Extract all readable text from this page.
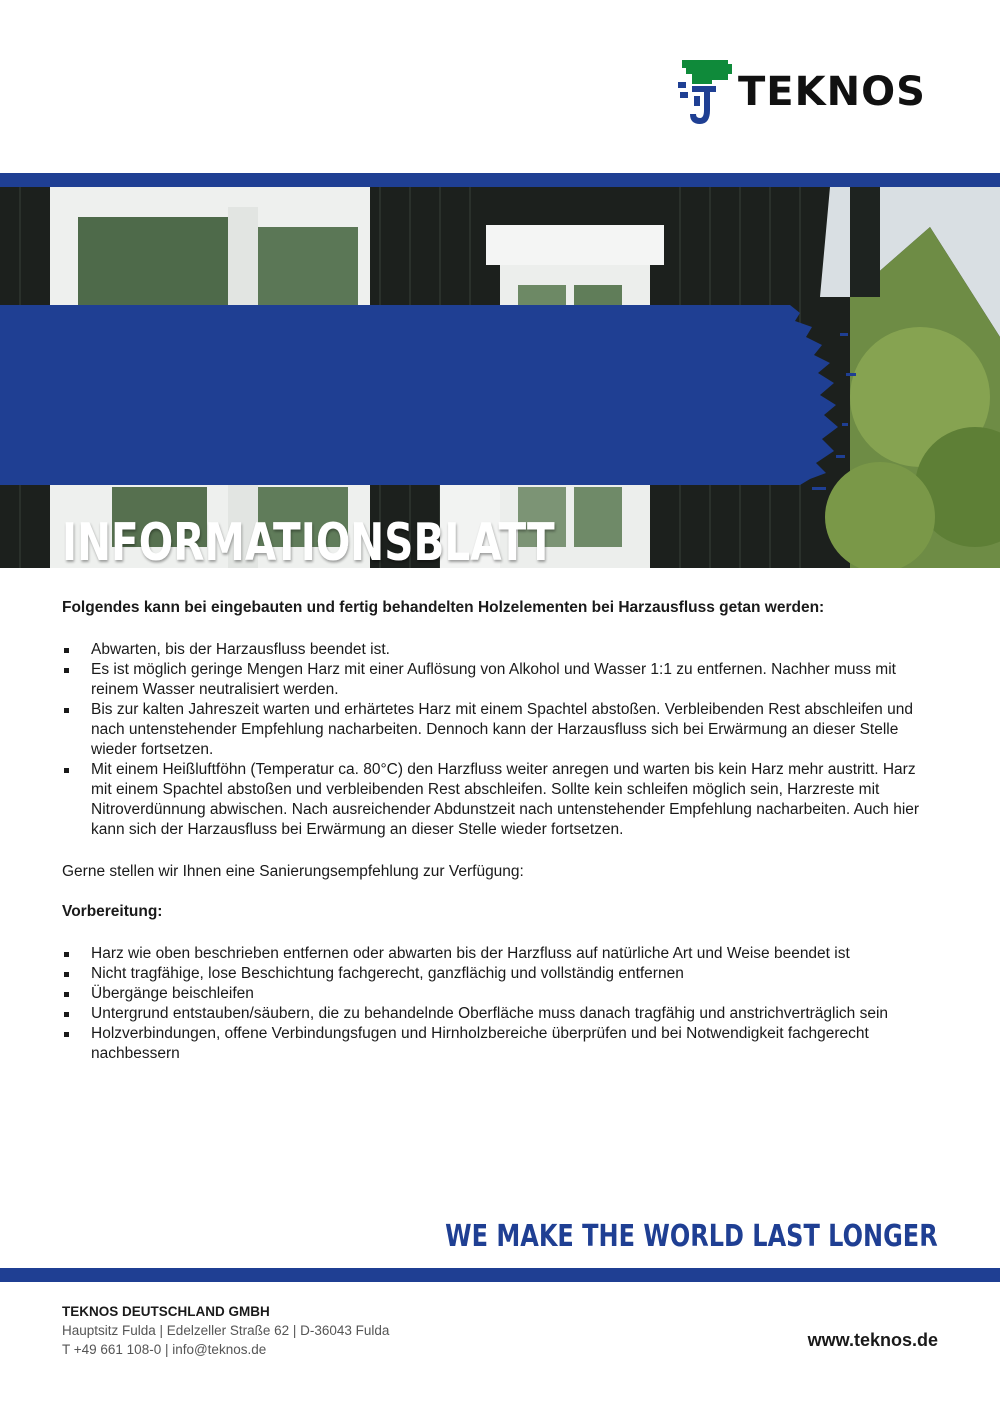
TEKNOS
INFORMATIONSBLATT

Folgendes kann bei eingebauten und fertig behandelten Holzelementen bei Harzausfluss getan werden:

Abwarten, bis der Harzausfluss beendet ist.
Es ist möglich geringe Mengen Harz mit einer Auflösung von Alkohol und Wasser 1:1 zu entfernen. Nachher muss mit reinem Wasser neutralisiert werden.
Bis zur kalten Jahreszeit warten und erhärtetes Harz mit einem Spachtel abstoßen. Verbleibenden Rest abschleifen und nach untenstehender Empfehlung nacharbeiten. Dennoch kann der Harzausfluss sich bei Erwärmung an dieser Stelle wieder fortsetzen.
Mit einem Heißluftföhn (Temperatur ca. 80°C) den Harzfluss weiter anregen und warten bis kein Harz mehr austritt. Harz mit einem Spachtel abstoßen und verbleibenden Rest abschleifen. Sollte kein schleifen möglich sein, Harzreste mit Nitroverdünnung abwischen. Nach ausreichender Abdunstzeit nach untenstehender Empfehlung nacharbeiten. Auch hier kann sich der Harzausfluss bei Erwärmung an dieser Stelle wieder fortsetzen.

Gerne stellen wir Ihnen eine Sanierungsempfehlung zur Verfügung:

Vorbereitung:

Harz wie oben beschrieben entfernen oder abwarten bis der Harzfluss auf natürliche Art und Weise beendet ist
Nicht tragfähige, lose Beschichtung fachgerecht, ganzflächig und vollständig entfernen
Übergänge beischleifen
Untergrund entstauben/säubern, die zu behandelnde Oberfläche muss danach tragfähig und anstrichverträglich sein
Holzverbindungen, offene Verbindungsfugen und Hirnholzbereiche überprüfen und bei Notwendigkeit fachgerecht nachbessern
WE MAKE THE WORLD LAST LONGER
TEKNOS DEUTSCHLAND GMBH
Hauptsitz Fulda | Edelzeller Straße 62 | D-36043 Fulda
T +49 661 108-0 | info@teknos.de	www.teknos.de
